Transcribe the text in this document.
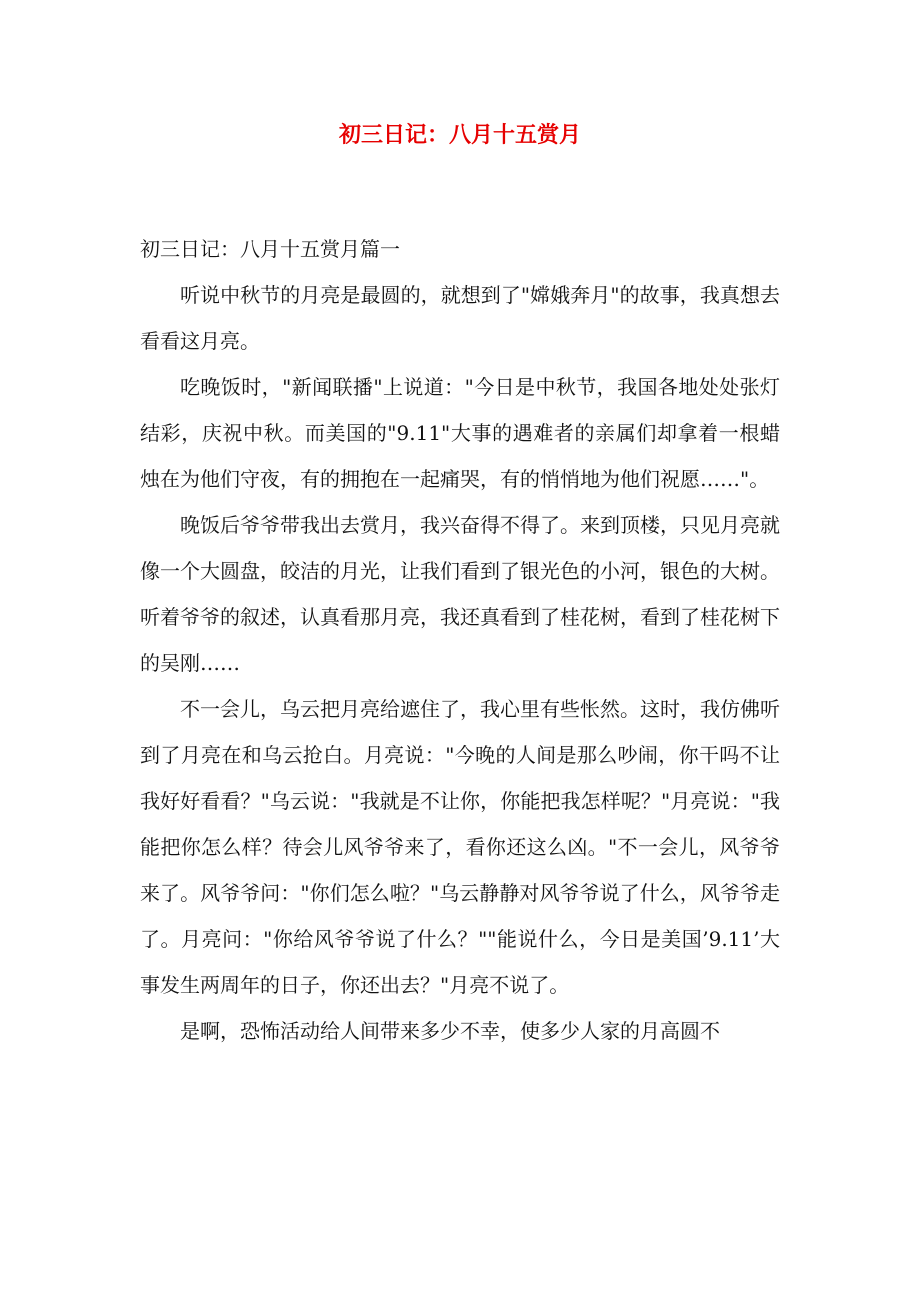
初三日记：八月十五赏月

初三日记：八月十五赏月篇一

听说中秋节的月亮是最圆的，就想到了"嫦娥奔月"的故事，我真想去看看这月亮。

吃晚饭时，"新闻联播"上说道："今日是中秋节，我国各地处处张灯结彩，庆祝中秋。而美国的"9.11"大事的遇难者的亲属们却拿着一根蜡烛在为他们守夜，有的拥抱在一起痛哭，有的悄悄地为他们祝愿……"。

晚饭后爷爷带我出去赏月，我兴奋得不得了。来到顶楼，只见月亮就像一个大圆盘，皎洁的月光，让我们看到了银光色的小河，银色的大树。听着爷爷的叙述，认真看那月亮，我还真看到了桂花树，看到了桂花树下的吴刚……

不一会儿，乌云把月亮给遮住了，我心里有些怅然。这时，我仿佛听到了月亮在和乌云抢白。月亮说："今晚的人间是那么吵闹，你干吗不让我好好看看？"乌云说："我就是不让你，你能把我怎样呢？"月亮说："我能把你怎么样？待会儿风爷爷来了，看你还这么凶。"不一会儿，风爷爷来了。风爷爷问："你们怎么啦？"乌云静静对风爷爷说了什么，风爷爷走了。月亮问："你给风爷爷说了什么？""能说什么，今日是美国’9.11’大事发生两周年的日子，你还出去？"月亮不说了。

是啊，恐怖活动给人间带来多少不幸，使多少人家的月高圆不
